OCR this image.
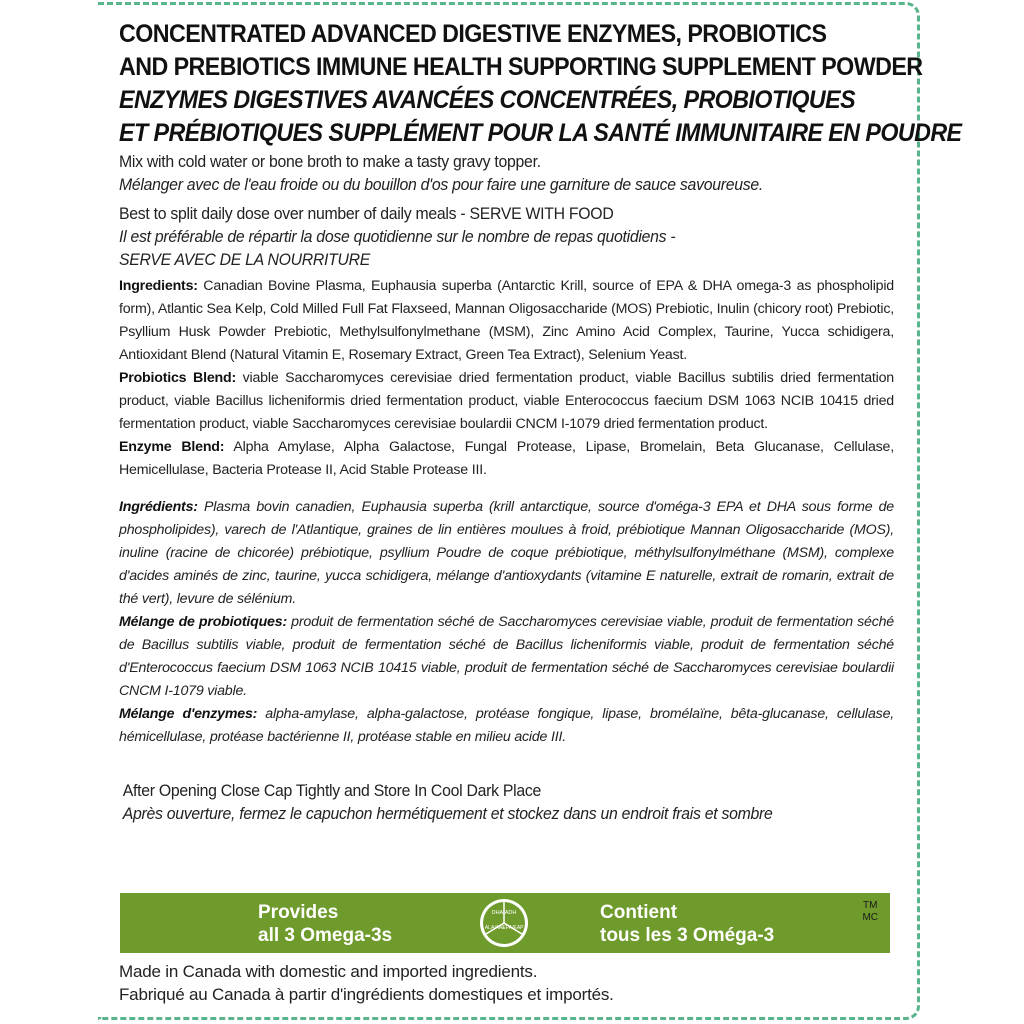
CONCENTRATED ADVANCED DIGESTIVE ENZYMES, PROBIOTICS

AND PREBIOTICS IMMUNE HEALTH SUPPORTING SUPPLEMENT POWDER

ENZYMES DIGESTIVES AVANCÉES CONCENTRÉES, PROBIOTIQUES

ET PRÉBIOTIQUES SUPPLÉMENT POUR LA SANTÉ IMMUNITAIRE EN POUDRE

Mix with cold water or bone broth to make a tasty gravy topper.

Mélanger avec de l'eau froide ou du bouillon d'os pour faire une garniture de sauce savoureuse.

Best to split daily dose over number of daily meals - SERVE WITH FOOD

Il est préférable de répartir la dose quotidienne sur le nombre de repas quotidiens -

SERVE AVEC DE LA NOURRITURE

Ingredients: Canadian Bovine Plasma, Euphausia superba (Antarctic Krill, source of EPA & DHA omega-3 as phospholipid form), Atlantic Sea Kelp, Cold Milled Full Fat Flaxseed, Mannan Oligosaccharide (MOS) Prebiotic, Inulin (chicory root) Prebiotic, Psyllium Husk Powder Prebiotic, Methylsulfonylmethane (MSM), Zinc Amino Acid Complex, Taurine, Yucca schidigera, Antioxidant Blend (Natural Vitamin E, Rosemary Extract, Green Tea Extract), Selenium Yeast.

Probiotics Blend: viable Saccharomyces cerevisiae dried fermentation product, viable Bacillus subtilis dried fermentation product, viable Bacillus licheniformis dried fermentation product, viable Enterococcus faecium DSM 1063 NCIB 10415 dried fermentation product, viable Saccharomyces cerevisiae boulardii CNCM I-1079 dried fermentation product.

Enzyme Blend: Alpha Amylase, Alpha Galactose, Fungal Protease, Lipase, Bromelain, Beta Glucanase, Cellulase, Hemicellulase, Bacteria Protease II, Acid Stable Protease III.

Ingrédients: Plasma bovin canadien, Euphausia superba (krill antarctique, source d'oméga-3 EPA et DHA sous forme de phospholipides), varech de l'Atlantique, graines de lin entières moulues à froid, prébiotique Mannan Oligosaccharide (MOS), inuline (racine de chicorée) prébiotique, psyllium Poudre de coque prébiotique, méthylsulfonylméthane (MSM), complexe d'acides aminés de zinc, taurine, yucca schidigera, mélange d'antioxydants (vitamine E naturelle, extrait de romarin, extrait de thé vert), levure de sélénium.

Mélange de probiotiques: produit de fermentation séché de Saccharomyces cerevisiae viable, produit de fermentation séché de Bacillus subtilis viable, produit de fermentation séché de Bacillus licheniformis viable, produit de fermentation séché d'Enterococcus faecium DSM 1063 NCIB 10415 viable, produit de fermentation séché de Saccharomyces cerevisiae boulardii CNCM I-1079 viable.

Mélange d'enzymes: alpha-amylase, alpha-galactose, protéase fongique, lipase, bromélaïne, bêta-glucanase, cellulase, hémicellulase, protéase bactérienne II, protéase stable en milieu acide III.

After Opening Close Cap Tightly and Store In Cool Dark Place

Après ouverture, fermez le capuchon hermétiquement et stockez dans un endroit frais et sombre

Provides
all 3 Omega-3s
DHA/ADH
ALA/AAL
EPA/EAP
Contient
tous les 3 Oméga-3
TM
MC
Made in Canada with domestic and imported ingredients.
Fabriqué au Canada à partir d'ingrédients domestiques et importés.
